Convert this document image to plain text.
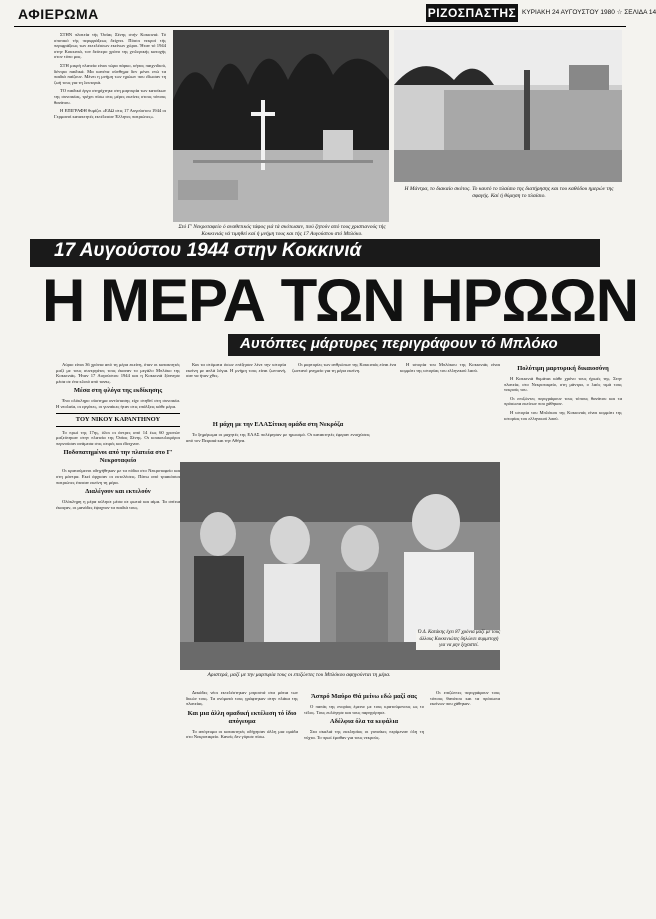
ΑΦΙΕΡΩΜΑ	ΡΙΖΟΣΠΑΣΤΗΣ ΚΥΡΙΑΚΗ 24 ΑΥΓΟΥΣΤΟΥ 1980 ☆ ΣΕΛΙΔΑ 14

ΣΤΗΝ πλατεία τής Όσίας Ξένης στήν Κοκκινιά. Τό σποτικό τής περιφράξεως δείχνει. Πόσοι νεκροί τής περιφράξεως των εκτελέσεων εκείνων χώροι. Ήταν τό 1944 στην Κοκκινιά, τον δεύτερο χρόνο της χιτλερικής κατοχής στον τόπο μας.

ΣΤΗ μικρή πλατεία είναι τώρα πάρκο, κήπος παιχνιδιού, δέντρα παιδικά. Μα κανένα σύνθημα δεν μένει ενώ τα παιδιά παίζουν. Μένει η μνήμη των ηρώων που έδωσαν τη ζωή τους για τη λευτεριά.

ΤΟ παιδικό έργο στηρίχτηκε στη μαρτυρία των κατοίκων της συνοικίας, τρέχει πίσω στις μέρες εκείνες στους τόπους θανάτου.

Η ΕΠΙΓΡΑΦΗ θυμίζει «ΕΔΩ στις 17 Αυγούστου 1944 οι Γερμανοί κατακτητές εκτέλεσαν Έλληνες πατριώτες».

Στό Γ' Νεκροταφείο ό αναθετικός τάφος γιά τά σκότωσαν, πού ζητούν από τους χριστιανούς τής Κοκκινιάς νά τιμηθεί καί ή μνήμη τους και τής 17 Αυγούστου στό Μπλόκο.
Η Μάντρα, το διακαίο σκότος. Το καυτό το πλαίσιο της διατήρησης και του καθόδου ημερών της σφαγής. Καί ή θύμηση το πλαίσιο.
17 Αυγούστου 1944 στην Κοκκινιά
Η ΜΕΡΑ ΤΩΝ ΗΡΩΩΝ
Αυτόπτες μάρτυρες περιγράφουν τό Μπλόκο

Αύριο είναι 36 χρόνια από τη μέρα εκείνη, όταν οι κατακτητές μαζί με τους συνεργάτες τους έκαναν το μεγάλο Μπλόκο της Κοκκινιάς. Ήταν 17 Αυγούστου 1944 και η Κοκκινιά ξύπνησε μέσα σε ένα κλοιό από τανκς.

Μέσα στη φλόγα της εκδίκησης

Ένα ολόκληρο σύστημα αντίστασης είχε στηθεί στη συνοικία. Η νεολαία, οι εργάτες, οι γυναίκες ήταν στις επάλξεις κάθε μέρα.

ΤΟΥ ΝΙΚΟΥ ΚΑΡΑΝΤΗΝΟΥ

Το πρωί της 17ης, όλοι οι άντρες από 14 έως 60 χρονών μαζεύτηκαν στην πλατεία της Όσίας Ξένης. Οι κουκουλοφόροι περνούσαν ανάμεσα στις σειρές και έδειχναν.

Ποδοπατημένοι από την πλατεία στο Γ' Νεκροταφείο

Οι κρατούμενοι οδηγήθηκαν με τα πόδια στο Νεκροταφείο και στη μάντρα. Εκεί άρχισαν οι εκτελέσεις. Πάνω από τριακόσιοι πατριώτες έπεσαν εκείνη τη μέρα.

Διαλέγουν και εκτελούν

Ολόκληρη η μέρα κύλησε μέσα σε φωτιά και αίμα. Τα σπίτια έκαιγαν, οι μανάδες έψαχναν τα παιδιά τους.

Και τα στόματα όσων επέζησαν λένε την ιστορία εκείνη με απλά λόγια. Η μνήμη τους είναι ζωντανή, σαν να ήταν χθες.

Η μάχη με την ΕΛΑΣίτικη ομάδα στη Νεκρόζα

Το ξημέρωμα οι μαχητές της ΕΛΑΣ πολέμησαν με ηρωισμό. Οι κατακτητές έφεραν ενισχύσεις από τον Πειραιά και την Αθήνα.

Οι μαρτυρίες των ανθρώπων της Κοκκινιάς είναι ένα ζωντανό μνημείο για τη μέρα εκείνη.

Αριστερά, μαζί με την μαρτυρία τους οι επιζώντες του Μπλόκου αφηγούνται τη μέρα.
Ό Δ. Κατάκης έχει 87 χρόνια μαζί με τους άλλους Κοκκινιώτες δηλώνει συμμετοχή για να μην ξεχαστεί.

Δεκάδες νέοι εκτελέστηκαν μπροστά στα μάτια των δικών τους. Τα ονόματά τους γράφτηκαν στην πλάκα της πλατείας.

Και μια άλλη ομαδική εκτέλεση τό ίδιο απόγευμα

Το απόγευμα οι κατακτητές οδήγησαν άλλη μια ομάδα στο Νεκροταφείο. Κανείς δεν γύρισε πίσω.

Άσπρό Μαύρο Θά μείνω εδώ μαζί σας

Ο παπάς της ενορίας έμεινε με τους κρατούμενους ως το τέλος. Τους ευλόγησε και τους παρηγόρησε.

Αδέλφια όλα τα κεφάλια

Στα σκαλιά της εκκλησίας οι γυναίκες περίμεναν όλη τη νύχτα. Το πρωί έμαθαν για τους νεκρούς.

Πολύτιμη μαρτυρική δικαιοσύνη

Η Κοκκινιά θυμάται κάθε χρόνο τους ήρωές της. Στην πλατεία, στο Νεκροταφείο, στη μάντρα, ο λαός τιμά τους νεκρούς του.

Οι επιζώντες περιγράφουν τους τόπους θανάτου και τα πρόσωπα εκείνων που χάθηκαν.

Η ιστορία του Μπλόκου της Κοκκινιάς είναι κομμάτι της ιστορίας του ελληνικού λαού.

Η ιστορία του Μπλόκου της Κοκκινιάς είναι κομμάτι της ιστορίας του ελληνικού λαού.

Οι επιζώντες περιγράφουν τους τόπους θανάτου και τα πρόσωπα εκείνων που χάθηκαν.
